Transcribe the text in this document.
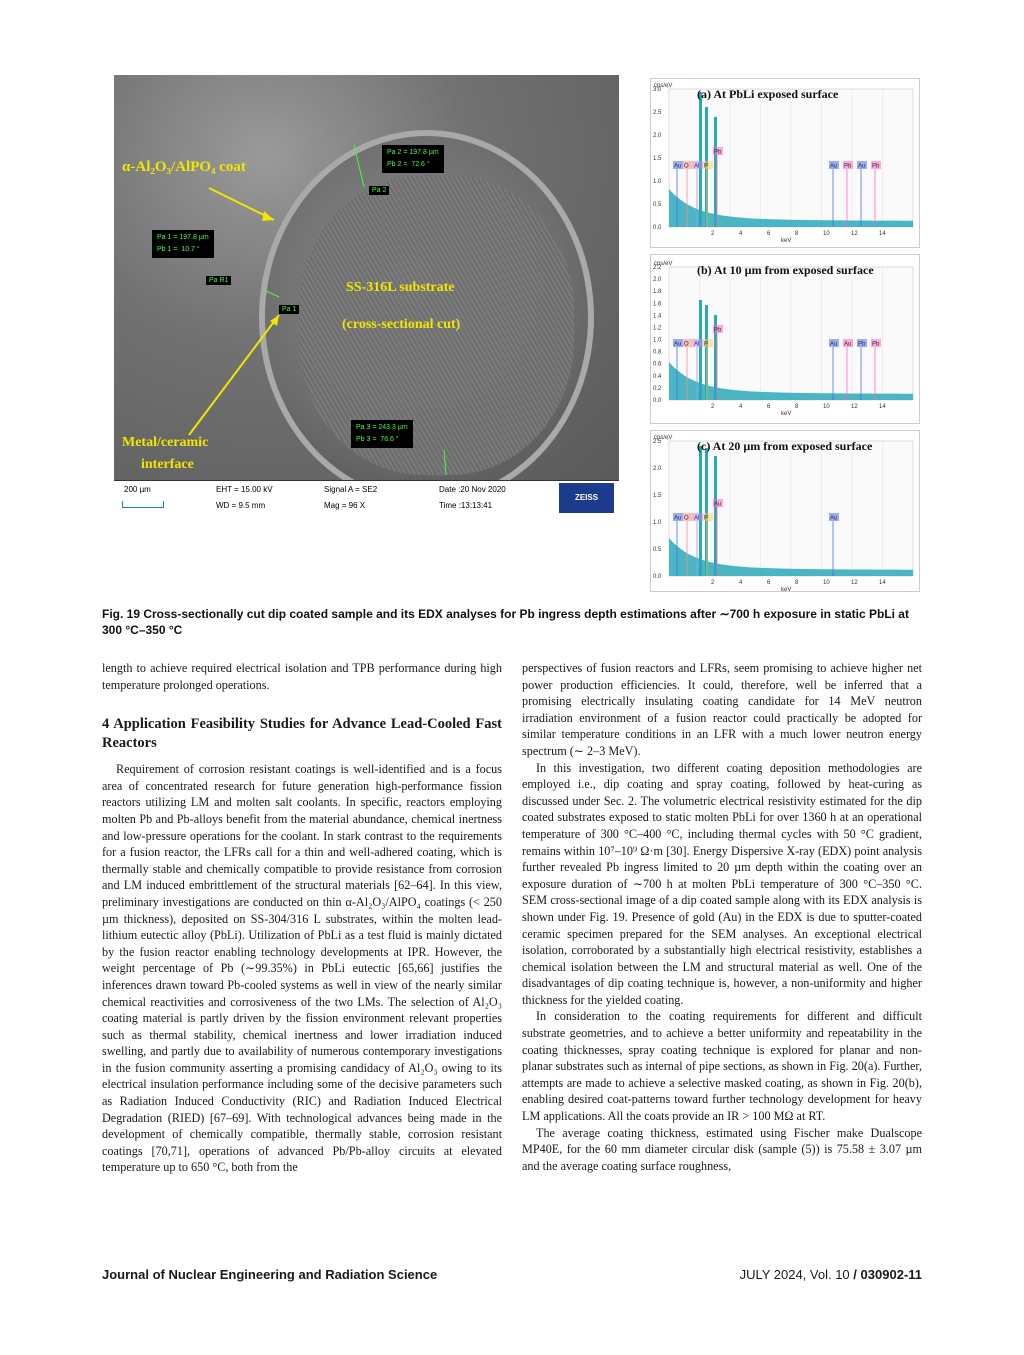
α-Al₂O₃/AlPO₄ coat
Pa 2 = 197.8 µm
Pb 2 =  72.6 °
Pa 2
Pa 1 = 197.8 µm
Pb 1 =  10.7 °
Pa R1
Pa 1
SS-316L substrate
(cross-sectional cut)
Pa 3 = 243.3 µm
Pb 3 =  76.6 °
Metal/ceramic
interface
200 µm	EHT = 15.00 kV
WD = 9.5 mm
Signal A = SE2
Mag = 96 X
Date :20 Nov 2020
Time :13:13:41
ZEISS
3.0
2.5
2.0
1.5
1.0
0.5
0.0
cps/eV
2	4	6	8	10	12	14
keV
Au O Al P
Pb
Au Pb Au Pb
(a) At PbLi exposed surface
2.2
2.0
1.8
1.6
1.4
1.2
1.0
0.8
0.6
0.4
0.2
0.0
cps/eV
2	4	6	8	10	12	14
keV
Au O Al P
Pb
Au Au Pb Pb
(b) At 10 µm from exposed surface
2.5
2.0
1.5
1.0
0.5
0.0
cps/eV
2	4	6	8	10	12	14
keV
Au O Al P
Au
Au
(c) At 20 µm from exposed surface
Fig. 19 Cross-sectionally cut dip coated sample and its EDX analyses for Pb ingress depth estimations after ∼700 h exposure in static PbLi at 300 °C–350 °C

length to achieve required electrical isolation and TPB performance during high temperature prolonged operations.

4 Application Feasibility Studies for Advance Lead-Cooled Fast Reactors

Requirement of corrosion resistant coatings is well-identified and is a focus area of concentrated research for future generation high-performance fission reactors utilizing LM and molten salt coolants. In specific, reactors employing molten Pb and Pb-alloys benefit from the material abundance, chemical inertness and low-pressure operations for the coolant. In stark contrast to the requirements for a fusion reactor, the LFRs call for a thin and well-adhered coating, which is thermally stable and chemically compatible to provide resistance from corrosion and LM induced embrittlement of the structural materials [62–64]. In this view, preliminary investigations are conducted on thin α-Al₂O₃/AlPO₄ coatings (< 250 µm thickness), deposited on SS-304/316 L substrates, within the molten lead-lithium eutectic alloy (PbLi). Utilization of PbLi as a test fluid is mainly dictated by the fusion reactor enabling technology developments at IPR. However, the weight percentage of Pb (∼99.35%) in PbLi eutectic [65,66] justifies the inferences drawn toward Pb-cooled systems as well in view of the nearly similar chemical reactivities and corrosiveness of the two LMs. The selection of Al₂O₃ coating material is partly driven by the fission environment relevant properties such as thermal stability, chemical inertness and lower irradiation induced swelling, and partly due to availability of numerous contemporary investigations in the fusion community asserting a promising candidacy of Al₂O₃ owing to its electrical insulation performance including some of the decisive parameters such as Radiation Induced Conductivity (RIC) and Radiation Induced Electrical Degradation (RIED) [67–69]. With technological advances being made in the development of chemically compatible, thermally stable, corrosion resistant coatings [70,71], operations of advanced Pb/Pb-alloy circuits at elevated temperature up to 650 °C, both from the

perspectives of fusion reactors and LFRs, seem promising to achieve higher net power production efficiencies. It could, therefore, well be inferred that a promising electrically insulating coating candidate for 14 MeV neutron irradiation environment of a fusion reactor could practically be adopted for similar temperature conditions in an LFR with a much lower neutron energy spectrum (∼ 2–3 MeV).

In this investigation, two different coating deposition methodologies are employed i.e., dip coating and spray coating, followed by heat-curing as discussed under Sec. 2. The volumetric electrical resistivity estimated for the dip coated substrates exposed to static molten PbLi for over 1360 h at an operational temperature of 300 °C–400 °C, including thermal cycles with 50 °C gradient, remains within 10⁷–10⁹ Ω·m [30]. Energy Dispersive X-ray (EDX) point analysis further revealed Pb ingress limited to 20 µm depth within the coating over an exposure duration of ∼700 h at molten PbLi temperature of 300 °C–350 °C. SEM cross-sectional image of a dip coated sample along with its EDX analysis is shown under Fig. 19. Presence of gold (Au) in the EDX is due to sputter-coated ceramic specimen prepared for the SEM analyses. An exceptional electrical isolation, corroborated by a substantially high electrical resistivity, establishes a chemical isolation between the LM and structural material as well. One of the disadvantages of dip coating technique is, however, a non-uniformity and higher thickness for the yielded coating.

In consideration to the coating requirements for different and difficult substrate geometries, and to achieve a better uniformity and repeatability in the coating thicknesses, spray coating technique is explored for planar and non-planar substrates such as internal of pipe sections, as shown in Fig. 20(a). Further, attempts are made to achieve a selective masked coating, as shown in Fig. 20(b), enabling desired coat-patterns toward further technology development for heavy LM applications. All the coats provide an IR > 100 MΩ at RT.

The average coating thickness, estimated using Fischer make Dualscope MP40E, for the 60 mm diameter circular disk (sample (5)) is 75.58 ± 3.07 µm and the average coating surface roughness,

Journal of Nuclear Engineering and Radiation Science	JULY 2024, Vol. 10 / 030902-11
